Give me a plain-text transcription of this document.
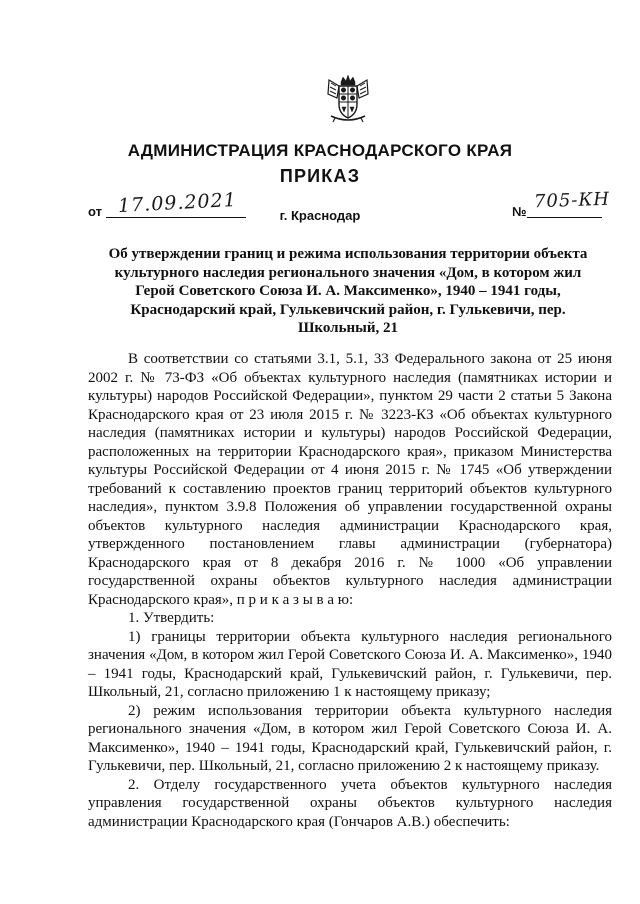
АДМИНИСТРАЦИЯ КРАСНОДАРСКОГО КРАЯ
ПРИКАЗ
от 17.09.2021	г. Краснодар	№ 705-КН
Об утверждении границ и режима использования территории объекта культурного наследия регионального значения «Дом, в котором жил Герой Советского Союза И. А. Максименко», 1940 – 1941 годы, Краснодарский край, Гулькевичский район, г. Гулькевичи, пер. Школьный, 21

В соответствии со статьями 3.1, 5.1, 33 Федерального закона от 25 июня 2002 г. № 73-ФЗ «Об объектах культурного наследия (памятниках истории и культуры) народов Российской Федерации», пунктом 29 части 2 статьи 5 Закона Краснодарского края от 23 июля 2015 г. № 3223-КЗ «Об объектах культурного наследия (памятниках истории и культуры) народов Российской Федерации, расположенных на территории Краснодарского края», приказом Министерства культуры Российской Федерации от 4 июня 2015 г. № 1745 «Об утверждении требований к составлению проектов границ территорий объектов культурного наследия», пунктом 3.9.8 Положения об управлении государственной охраны объектов культурного наследия администрации Краснодарского края, утвержденного постановлением главы администрации (губернатора) Краснодарского края от 8 декабря 2016 г. № 1000 «Об управлении государственной охраны объектов культурного наследия администрации Краснодарского края», п р и к а з ы в а ю:

1. Утвердить:

1) границы территории объекта культурного наследия регионального значения «Дом, в котором жил Герой Советского Союза И. А. Максименко», 1940 – 1941 годы, Краснодарский край, Гулькевичский район, г. Гулькевичи, пер. Школьный, 21, согласно приложению 1 к настоящему приказу;

2) режим использования территории объекта культурного наследия регионального значения «Дом, в котором жил Герой Советского Союза И. А. Максименко», 1940 – 1941 годы, Краснодарский край, Гулькевичский район, г. Гулькевичи, пер. Школьный, 21, согласно приложению 2 к настоящему приказу.

2. Отделу государственного учета объектов культурного наследия управления государственной охраны объектов культурного наследия администрации Краснодарского края (Гончаров А.В.) обеспечить:
